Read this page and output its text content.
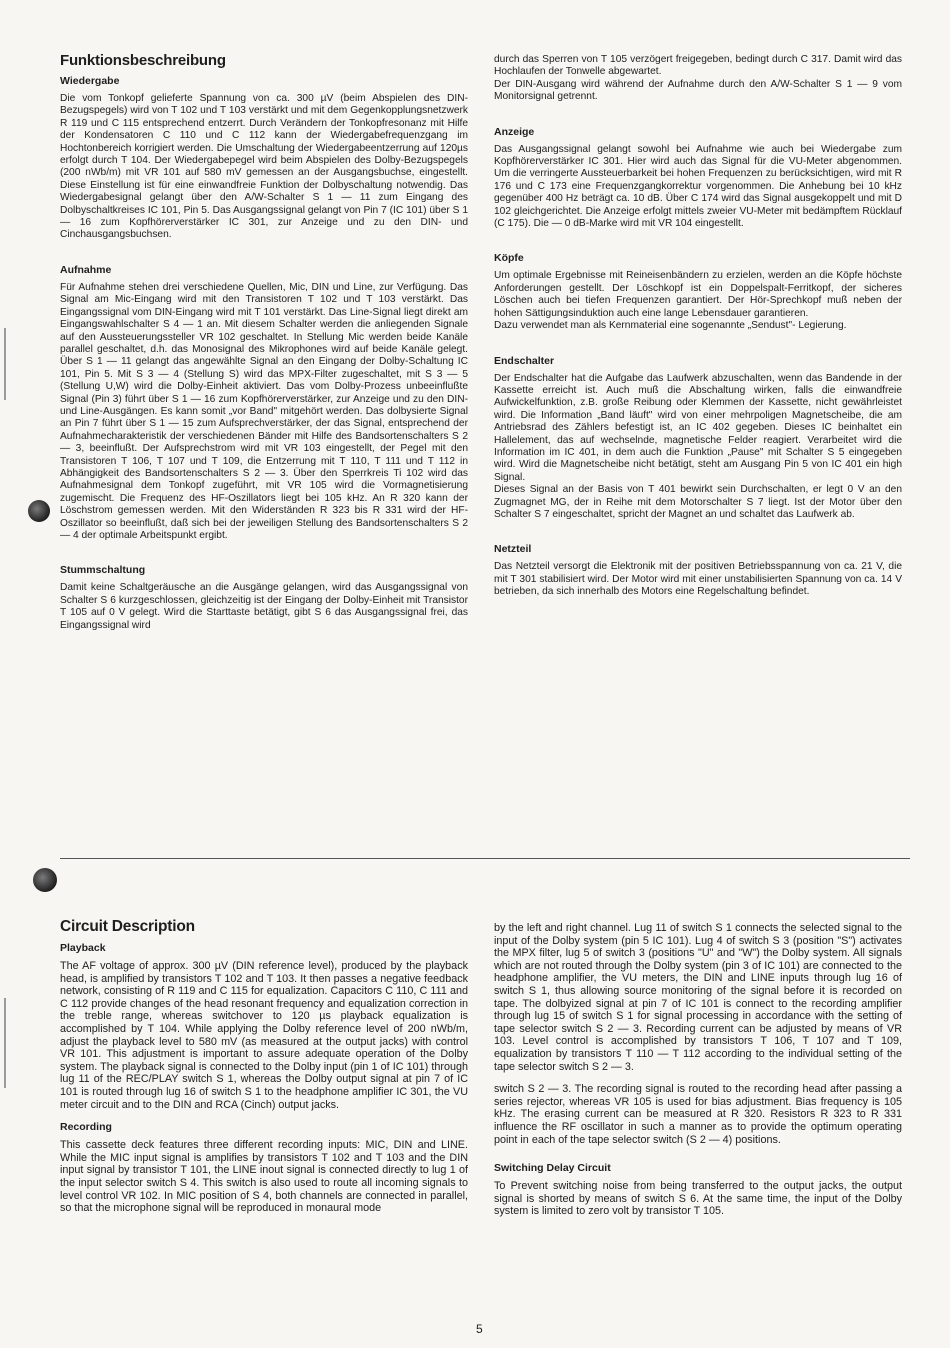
Funktionsbeschreibung
Wiedergabe

Die vom Tonkopf gelieferte Spannung von ca. 300 µV (beim Abspielen des DIN-Bezugspegels) wird von T 102 und T 103 verstärkt und mit dem Gegenkopplungsnetzwerk R 119 und C 115 entsprechend entzerrt. Durch Verändern der Tonkopfresonanz mit Hilfe der Kondensatoren C 110 und C 112 kann der Wiedergabefrequenzgang im Hochtonbereich korrigiert werden. Die Umschaltung der Wiedergabeentzerrung auf 120µs erfolgt durch T 104. Der Wiedergabepegel wird beim Abspielen des Dolby-Bezugspegels (200 nWb/m) mit VR 101 auf 580 mV gemessen an der Ausgangsbuchse, eingestellt. Diese Einstellung ist für eine einwandfreie Funktion der Dolbyschaltung notwendig. Das Wiedergabesignal gelangt über den A/W-Schalter S 1 — 11 zum Eingang des Dolbyschaltkreises IC 101, Pin 5. Das Ausgangssignal gelangt von Pin 7 (IC 101) über S 1 — 16 zum Kopfhörerverstärker IC 301, zur Anzeige und zu den DIN- und Cinchausgangsbuchsen.

Aufnahme

Für Aufnahme stehen drei verschiedene Quellen, Mic, DIN und Line, zur Verfügung. Das Signal am Mic-Eingang wird mit den Transistoren T 102 und T 103 verstärkt. Das Eingangssignal vom DIN-Eingang wird mit T 101 verstärkt. Das Line-Signal liegt direkt am Eingangswahlschalter S 4 — 1 an. Mit diesem Schalter werden die anliegenden Signale auf den Aussteuerungssteller VR 102 geschaltet. In Stellung Mic werden beide Kanäle parallel geschaltet, d.h. das Monosignal des Mikrophones wird auf beide Kanäle gelegt. Über S 1 — 11 gelangt das angewählte Signal an den Eingang der Dolby-Schaltung IC 101, Pin 5. Mit S 3 — 4 (Stellung S) wird das MPX-Filter zugeschaltet, mit S 3 — 5 (Stellung U,W) wird die Dolby-Einheit aktiviert. Das vom Dolby-Prozess unbeeinflußte Signal (Pin 3) führt über S 1 — 16 zum Kopfhörerverstärker, zur Anzeige und zu den DIN- und Line-Ausgängen. Es kann somit „vor Band" mitgehört werden. Das dolbysierte Signal an Pin 7 führt über S 1 — 15 zum Aufsprechverstärker, der das Signal, entsprechend der Aufnahmecharakteristik der verschiedenen Bänder mit Hilfe des Bandsortenschalters S 2 — 3, beeinflußt. Der Aufsprechstrom wird mit VR 103 eingestellt, der Pegel mit den Transistoren T 106, T 107 und T 109, die Entzerrung mit T 110, T 111 und T 112 in Abhängigkeit des Bandsortenschalters S 2 — 3. Über den Sperrkreis Ti 102 wird das Aufnahmesignal dem Tonkopf zugeführt, mit VR 105 wird die Vormagnetisierung zugemischt. Die Frequenz des HF-Oszillators liegt bei 105 kHz. An R 320 kann der Löschstrom gemessen werden. Mit den Widerständen R 323 bis R 331 wird der HF-Oszillator so beeinflußt, daß sich bei der jeweiligen Stellung des Bandsortenschalters S 2 — 4 der optimale Arbeitspunkt ergibt.

Stummschaltung

Damit keine Schaltgeräusche an die Ausgänge gelangen, wird das Ausgangssignal von Schalter S 6 kurzgeschlossen, gleichzeitig ist der Eingang der Dolby-Einheit mit Transistor T 105 auf 0 V gelegt. Wird die Starttaste betätigt, gibt S 6 das Ausgangssignal frei, das Eingangssignal wird

durch das Sperren von T 105 verzögert freigegeben, bedingt durch C 317. Damit wird das Hochlaufen der Tonwelle abgewartet.
Der DIN-Ausgang wird während der Aufnahme durch den A/W-Schalter S 1 — 9 vom Monitorsignal getrennt.

Anzeige

Das Ausgangssignal gelangt sowohl bei Aufnahme wie auch bei Wiedergabe zum Kopfhörerverstärker IC 301. Hier wird auch das Signal für die VU-Meter abgenommen. Um die verringerte Aussteuerbarkeit bei hohen Frequenzen zu berücksichtigen, wird mit R 176 und C 173 eine Frequenzgangkorrektur vorgenommen. Die Anhebung bei 10 kHz gegenüber 400 Hz beträgt ca. 10 dB. Über C 174 wird das Signal ausgekoppelt und mit D 102 gleichgerichtet. Die Anzeige erfolgt mittels zweier VU-Meter mit bedämpftem Rücklauf (C 175). Die — 0 dB-Marke wird mit VR 104 eingestellt.

Köpfe

Um optimale Ergebnisse mit Reineisenbändern zu erzielen, werden an die Köpfe höchste Anforderungen gestellt. Der Löschkopf ist ein Doppelspalt-Ferritkopf, der sicheres Löschen auch bei tiefen Frequenzen garantiert. Der Hör-Sprechkopf muß neben der hohen Sättigungsinduktion auch eine lange Lebensdauer garantieren.
Dazu verwendet man als Kernmaterial eine sogenannte „Sendust"- Legierung.

Endschalter

Der Endschalter hat die Aufgabe das Laufwerk abzuschalten, wenn das Bandende in der Kassette erreicht ist. Auch muß die Abschaltung wirken, falls die einwandfreie Aufwickelfunktion, z.B. große Reibung oder Klemmen der Kassette, nicht gewährleistet wird. Die Information „Band läuft" wird von einer mehrpoligen Magnetscheibe, die am Antriebsrad des Zählers befestigt ist, an IC 402 gegeben. Dieses IC beinhaltet ein Hallelement, das auf wechselnde, magnetische Felder reagiert. Verarbeitet wird die Information im IC 401, in dem auch die Funktion „Pause" mit Schalter S 5 eingegeben wird. Wird die Magnetscheibe nicht betätigt, steht am Ausgang Pin 5 von IC 401 ein high Signal.
Dieses Signal an der Basis von T 401 bewirkt sein Durchschalten, er legt 0 V an den Zugmagnet MG, der in Reihe mit dem Motorschalter S 7 liegt. Ist der Motor über den Schalter S 7 eingeschaltet, spricht der Magnet an und schaltet das Laufwerk ab.

Netzteil

Das Netzteil versorgt die Elektronik mit der positiven Betriebsspannung von ca. 21 V, die mit T 301 stabilisiert wird. Der Motor wird mit einer unstabilisierten Spannung von ca. 14 V betrieben, da sich innerhalb des Motors eine Regelschaltung befindet.

Circuit Description
Playback

The AF voltage of approx. 300 µV (DIN reference level), produced by the playback head, is amplified by transistors T 102 and T 103. It then passes a negative feedback network, consisting of R 119 and C 115 for equalization. Capacitors C 110, C 111 and C 112 provide changes of the head resonant frequency and equalization correction in the treble range, whereas switchover to 120 µs playback equalization is accomplished by T 104. While applying the Dolby reference level of 200 nWb/m, adjust the playback level to 580 mV (as measured at the output jacks) with control VR 101. This adjustment is important to assure adequate operation of the Dolby system. The playback signal is connected to the Dolby input (pin 1 of IC 101) through lug 11 of the REC/PLAY switch S 1, whereas the Dolby output signal at pin 7 of IC 101 is routed through lug 16 of switch S 1 to the headphone amplifier IC 301, the VU meter circuit and to the DIN and RCA (Cinch) output jacks.

Recording

This cassette deck features three different recording inputs: MIC, DIN and LINE. While the MIC input signal is amplifies by transistors T 102 and T 103 and the DIN input signal by transistor T 101, the LINE inout signal is connected directly to lug 1 of the input selector switch S 4. This switch is also used to route all incoming signals to level control VR 102. In MIC position of S 4, both channels are connected in parallel, so that the microphone signal will be reproduced in monaural mode

by the left and right channel. Lug 11 of switch S 1 connects the selected signal to the input of the Dolby system (pin 5 IC 101). Lug 4 of switch S 3 (position "S") activates the MPX filter, lug 5 of switch 3 (positions "U" and "W") the Dolby system. All signals which are not routed through the Dolby system (pin 3 of IC 101) are connected to the headphone amplifier, the VU meters, the DIN and LINE inputs through lug 16 of switch S 1, thus allowing source monitoring of the signal before it is recorded on tape. The dolbyized signal at pin 7 of IC 101 is connect to the recording amplifier through lug 15 of switch S 1 for signal processing in accordance with the setting of tape selector switch S 2 — 3. Recording current can be adjusted by means of VR 103. Level control is accomplished by transistors T 106, T 107 and T 109, equalization by transistors T 110 — T 112 according to the individual setting of the tape selector switch S 2 — 3.

switch S 2 — 3. The recording signal is routed to the recording head after passing a series rejector, whereas VR 105 is used for bias adjustment. Bias frequency is 105 kHz. The erasing current can be measured at R 320. Resistors R 323 to R 331 influence the RF oscillator in such a manner as to provide the optimum operating point in each of the tape selector switch (S 2 — 4) positions.

Switching Delay Circuit

To Prevent switching noise from being transferred to the output jacks, the output signal is shorted by means of switch S 6. At the same time, the input of the Dolby system is limited to zero volt by transistor T 105.

5
